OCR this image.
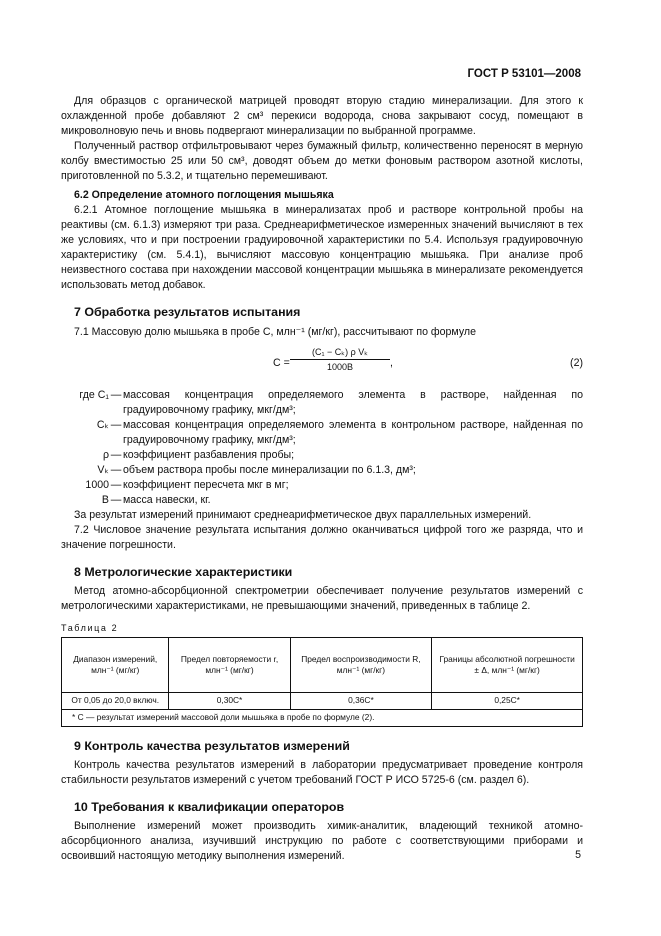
ГОСТ Р 53101—2008

Для образцов с органической матрицей проводят вторую стадию минерализации. Для этого к охлажденной пробе добавляют 2 см³ перекиси водорода, снова закрывают сосуд, помещают в микроволновую печь и вновь подвергают минерализации по выбранной программе.

Полученный раствор отфильтровывают через бумажный фильтр, количественно переносят в мерную колбу вместимостью 25 или 50 см³, доводят объем до метки фоновым раствором азотной кислоты, приготовленной по 5.3.2, и тщательно перемешивают.

6.2 Определение атомного поглощения мышьяка

6.2.1 Атомное поглощение мышьяка в минерализатах проб и растворе контрольной пробы на реактивы (см. 6.1.3) измеряют три раза. Среднеарифметическое измеренных значений вычисляют в тех же условиях, что и при построении градуировочной характеристики по 5.4. Используя градуировочную характеристику (см. 5.4.1), вычисляют массовую концентрацию мышьяка. При анализе проб неизвестного состава при нахождении массовой концентрации мышьяка в минерализате рекомендуется использовать метод добавок.

7 Обработка результатов испытания

7.1 Массовую долю мышьяка в пробе C, млн⁻¹ (мг/кг), рассчитывают по формуле

$C = \frac{\text{(C₁ − Cₖ) ρ Vₖ}}{1000B}$ ,	(2)
где C₁ — массовая концентрация определяемого элемента в растворе, найденная по градуировочному графику, мкг/дм³;
Cₖ — массовая концентрация определяемого элемента в контрольном растворе, найденная по градуировочному графику, мкг/дм³;
ρ — коэффициент разбавления пробы;
Vₖ — объем раствора пробы после минерализации по 6.1.3, дм³;
1000 — коэффициент пересчета мкг в мг;
B — масса навески, кг.

За результат измерений принимают среднеарифметическое двух параллельных измерений.

7.2 Числовое значение результата испытания должно оканчиваться цифрой того же разряда, что и значение погрешности.

8 Метрологические характеристики

Метод атомно-абсорбционной спектрометрии обеспечивает получение результатов измерений с метрологическими характеристиками, не превышающими значений, приведенных в таблице 2.

Таблица 2
Диапазон измерений, млн⁻¹ (мг/кг)	Предел повторяемости r, млн⁻¹ (мг/кг)	Предел воспроизводимости R, млн⁻¹ (мг/кг)	Границы абсолютной погрешности ± Δ, млн⁻¹ (мг/кг)
От 0,05 до 20,0 включ.	0,30C*	0,36C*	0,25C*
* C — результат измерений массовой доли мышьяка в пробе по формуле (2).			
9 Контроль качества результатов измерений

Контроль качества результатов измерений в лаборатории предусматривает проведение контроля стабильности результатов измерений с учетом требований ГОСТ Р ИСО 5725-6 (см. раздел 6).

10 Требования к квалификации операторов

Выполнение измерений может производить химик-аналитик, владеющий техникой атомно-абсорбционного анализа, изучивший инструкцию по работе с соответствующими приборами и освоивший настоящую методику выполнения измерений.	5
